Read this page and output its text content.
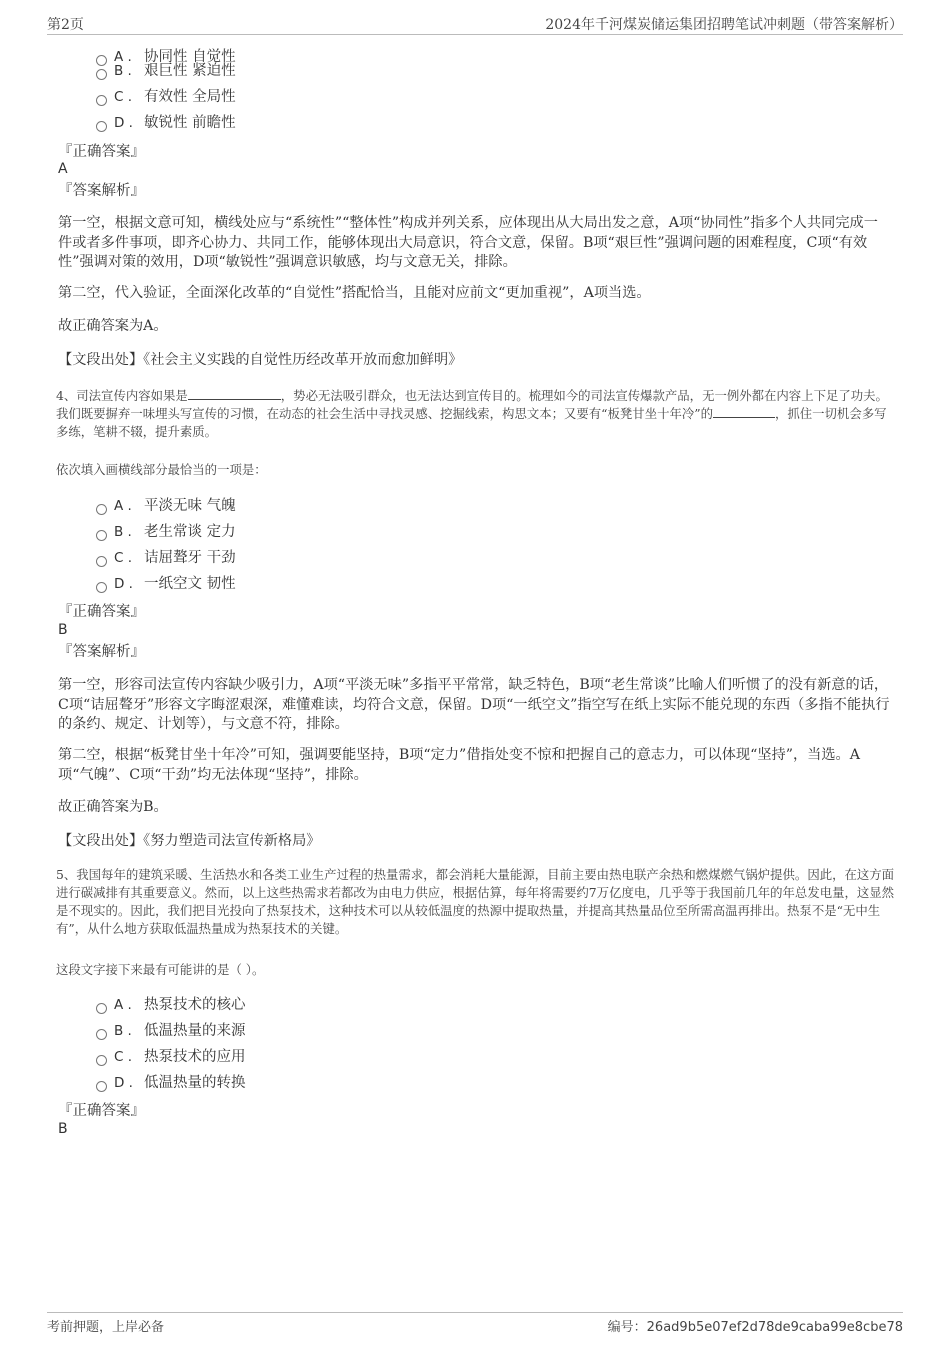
第2页	2024年千河煤炭储运集团招聘笔试冲刺题（带答案解析）
A . 协同性 自觉性
B . 艰巨性 紧迫性
C . 有效性 全局性
D . 敏锐性 前瞻性
『正确答案』
A
『答案解析』
第一空，根据文意可知，横线处应与“系统性”“整体性”构成并列关系，应体现出从大局出发之意，A项“协同性”指多个人共同完成一件或者多件事项，即齐心协力、共同工作，能够体现出大局意识，符合文意，保留。B项“艰巨性”强调问题的困难程度，C项“有效性”强调对策的效用，D项“敏锐性”强调意识敏感，均与文意无关，排除。
第二空，代入验证，全面深化改革的“自觉性”搭配恰当，且能对应前文“更加重视”，A项当选。
故正确答案为A。
【文段出处】《社会主义实践的自觉性历经改革开放而愈加鲜明》
4、司法宣传内容如果是	，势必无法吸引群众，也无法达到宣传目的。梳理如今的司法宣传爆款产品，无一例外都在内容上下足了功夫。我们既要摒弃一味埋头写宣传的习惯，在动态的社会生活中寻找灵感、挖掘线索，构思文本；又要有“板凳甘坐十年冷”的	，抓住一切机会多写多练，笔耕不辍，提升素质。
依次填入画横线部分最恰当的一项是：
A . 平淡无味 气魄
B . 老生常谈 定力
C . 诘屈聱牙 干劲
D . 一纸空文 韧性
『正确答案』
B
『答案解析』
第一空，形容司法宣传内容缺少吸引力，A项“平淡无味”多指平平常常，缺乏特色，B项“老生常谈”比喻人们听惯了的没有新意的话，C项“诘屈聱牙”形容文字晦涩艰深，难懂难读，均符合文意，保留。D项“一纸空文”指空写在纸上实际不能兑现的东西（多指不能执行的条约、规定、计划等），与文意不符，排除。
第二空，根据“板凳甘坐十年冷”可知，强调要能坚持，B项“定力”借指处变不惊和把握自己的意志力，可以体现“坚持”，当选。A项“气魄”、C项“干劲”均无法体现“坚持”，排除。
故正确答案为B。
【文段出处】《努力塑造司法宣传新格局》
5、我国每年的建筑采暖、生活热水和各类工业生产过程的热量需求，都会消耗大量能源，目前主要由热电联产余热和燃煤燃气锅炉提供。因此，在这方面进行碳减排有其重要意义。然而，以上这些热需求若都改为由电力供应，根据估算，每年将需要约7万亿度电，几乎等于我国前几年的年总发电量，这显然是不现实的。因此，我们把目光投向了热泵技术，这种技术可以从较低温度的热源中提取热量，并提高其热量品位至所需高温再排出。热泵不是“无中生有”，从什么地方获取低温热量成为热泵技术的关键。
这段文字接下来最有可能讲的是（ ）。
A . 热泵技术的核心
B . 低温热量的来源
C . 热泵技术的应用
D . 低温热量的转换
『正确答案』
B
考前押题，上岸必备	编号：26ad9b5e07ef2d78de9caba99e8cbe78
